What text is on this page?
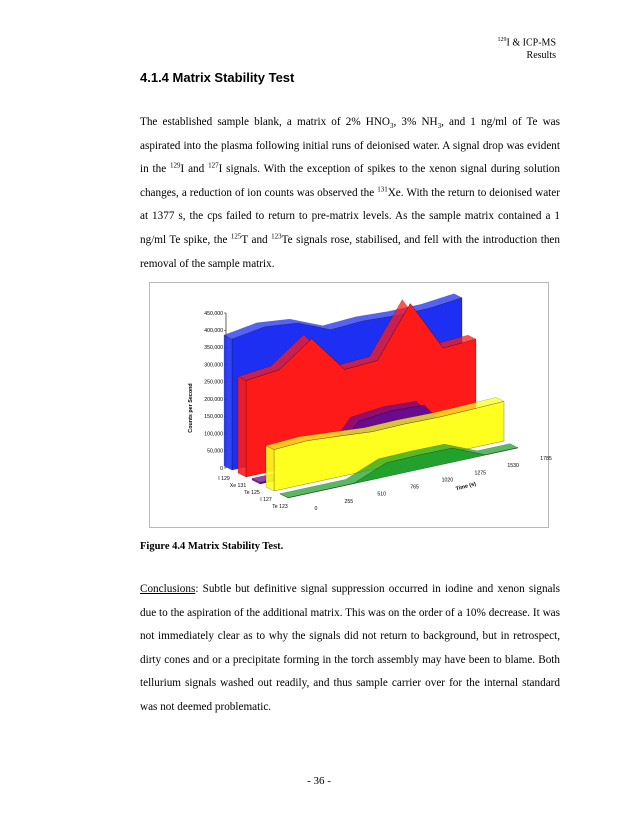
$^{129}$I & ICP-MS
Results
4.1.4 Matrix Stability Test
The established sample blank, a matrix of 2% $HNO_3$, 3% $NH_3$, and 1 ng/ml of Te was aspirated into the plasma following initial runs of deionised water. A signal drop was evident in the $^{129}$I and $^{127}$I signals. With the exception of spikes to the xenon signal during solution changes, a reduction of ion counts was observed the $^{131}$Xe. With the return to deionised water at 1377 s, the cps failed to return to pre-matrix levels. As the sample matrix contained a 1 ng/ml Te spike, the $^{125}$T and $^{123}$Te signals rose, stabilised, and fell with the introduction then removal of the sample matrix.
0
50,000
100,000
150,000
200,000
250,000
300,000
350,000
400,000
450,000
Counts per Second
I 129
Xe 131
Te 125
I 127
Te 123	0
255
510
765
1020
1275
1530
1785
Time (s)
Figure 4.4 Matrix Stability Test.
Conclusions: Subtle but definitive signal suppression occurred in iodine and xenon signals due to the aspiration of the additional matrix. This was on the order of a 10% decrease. It was not immediately clear as to why the signals did not return to background, but in retrospect, dirty cones and or a precipitate forming in the torch assembly may have been to blame. Both tellurium signals washed out readily, and thus sample carrier over for the internal standard was not deemed problematic.
- 36 -
